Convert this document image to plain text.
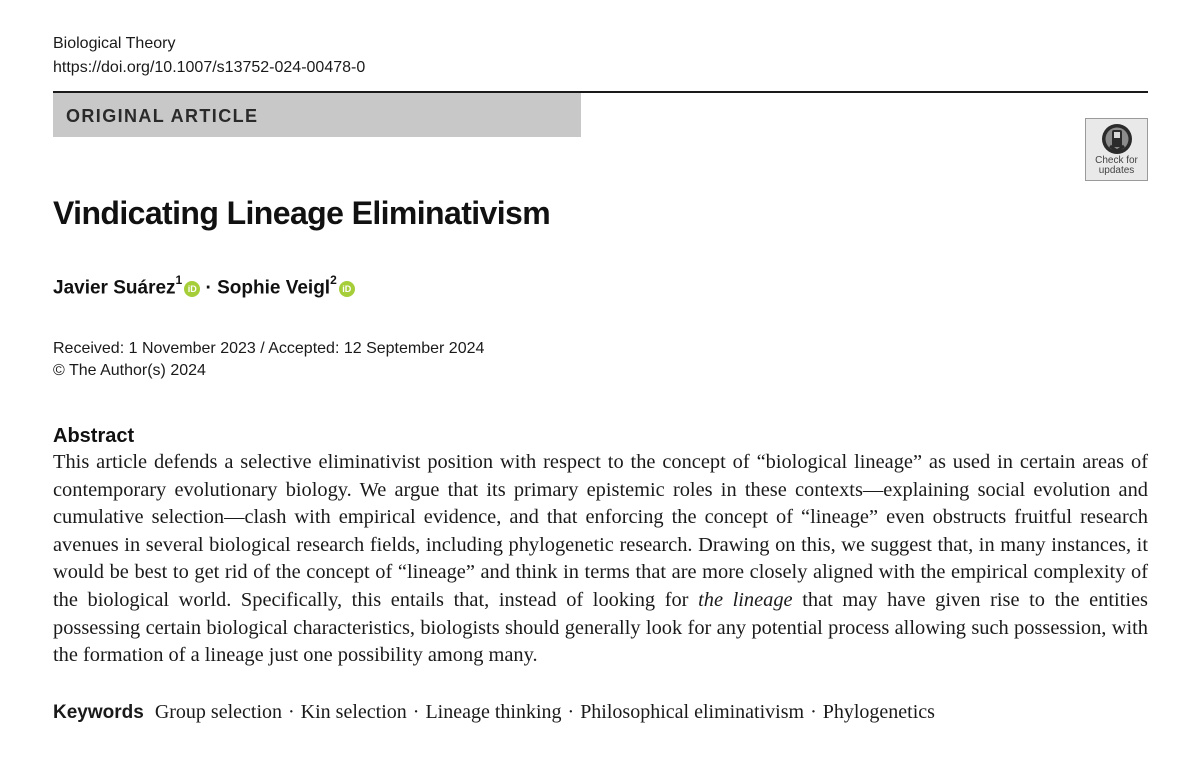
Biological Theory
https://doi.org/10.1007/s13752-024-00478-0
ORIGINAL ARTICLE
Check for updates
Vindicating Lineage Eliminativism
Javier Suárez$^1$iD · Sophie Veigl$^2$iD
Received: 1 November 2023 / Accepted: 12 September 2024
© The Author(s) 2024
Abstract
This article defends a selective eliminativist position with respect to the concept of “biological lineage” as used in certain areas of contemporary evolutionary biology. We argue that its primary epistemic roles in these contexts—explaining social evolution and cumulative selection—clash with empirical evidence, and that enforcing the concept of “lineage” even obstructs fruitful research avenues in several biological research fields, including phylogenetic research. Drawing on this, we suggest that, in many instances, it would be best to get rid of the concept of “lineage” and think in terms that are more closely aligned with the empirical complexity of the biological world. Specifically, this entails that, instead of looking for the lineage that may have given rise to the entities possessing certain biological characteristics, biologists should generally look for any potential process allowing such possession, with the formation of a lineage just one possibility among many.
Keywords Group selection · Kin selection · Lineage thinking · Philosophical eliminativism · Phylogenetics
